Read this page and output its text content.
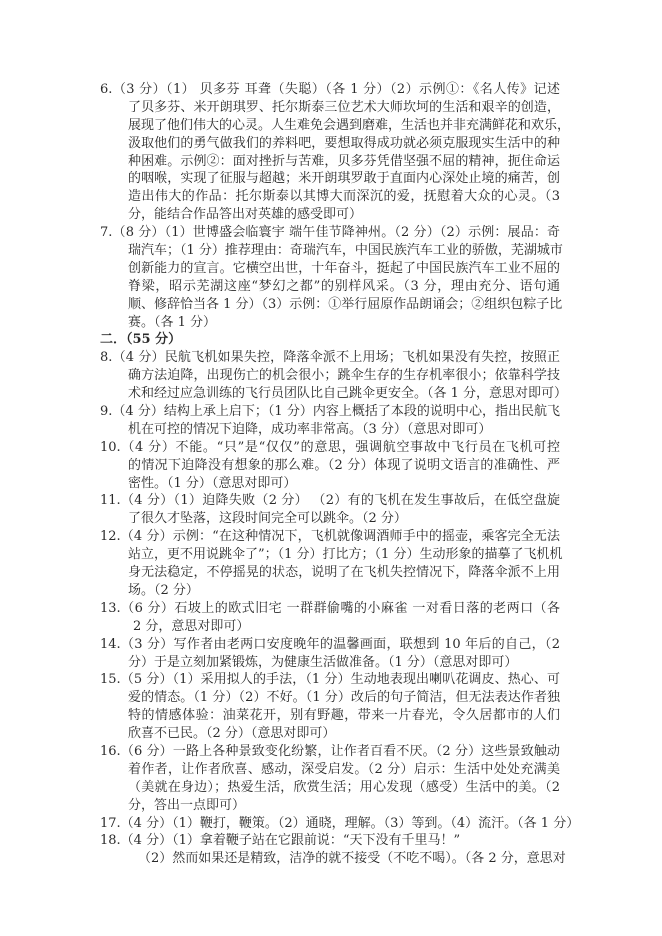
6.（3 分）（1） 贝多芬 耳聋（失聪）（各 1 分）（2）示例①：《名人传》记述
了贝多芬、米开朗琪罗、托尔斯泰三位艺术大师坎坷的生活和艰辛的创造，
展现了他们伟大的心灵。人生难免会遇到磨难，生活也并非充满鲜花和欢乐，
汲取他们的勇气做我们的养料吧，要想取得成功就必须克服现实生活中的种
种困难。示例②：面对挫折与苦难，贝多芬凭借坚强不屈的精神，扼住命运
的咽喉，实现了征服与超越；米开朗琪罗敢于直面内心深处止境的痛苦，创
造出伟大的作品：托尔斯泰以其博大而深沉的爱，抚慰着大众的心灵。（3
分，能结合作品答出对英雄的感受即可）
7.（8 分）（1）世博盛会临寰宇 端午佳节降神州。（2 分）（2）示例：展品：奇
瑞汽车；（1 分）推荐理由：奇瑞汽车，中国民族汽车工业的骄傲，芜湖城市
创新能力的宣言。它横空出世，十年奋斗，挺起了中国民族汽车工业不屈的
脊梁，昭示芜湖这座“梦幻之都”的别样风采。（3 分，理由充分、语句通
顺、修辞恰当各 1 分）（3）示例：①举行屈原作品朗诵会；②组织包粽子比
赛。（各 1 分）
二．（55 分）
8.（4 分）民航飞机如果失控，降落伞派不上用场；飞机如果没有失控，按照正
确方法迫降，出现伤亡的机会很小；跳伞生存的生存机率很小；依靠科学技
术和经过应急训练的飞行员团队比自己跳伞更安全。（各 1 分，意思对即可）
9.（4 分）结构上承上启下；（1 分）内容上概括了本段的说明中心，指出民航飞
机在可控的情况下迫降，成功率非常高。（3 分）（意思对即可）
10.（4 分）不能。“只”是“仅仅”的意思，强调航空事故中飞行员在飞机可控
的情况下迫降没有想象的那么难。（2 分）体现了说明文语言的准确性、严
密性。（1 分）（意思对即可）
11.（4 分）（1）迫降失败（2 分） （2）有的飞机在发生事故后，在低空盘旋
了很久才坠落，这段时间完全可以跳伞。（2 分）
12.（4 分）示例：“在这种情况下，飞机就像调酒师手中的摇壶，乘客完全无法
站立，更不用说跳伞了”；（1 分）打比方；（1 分）生动形象的描摹了飞机机
身无法稳定，不停摇晃的状态，说明了在飞机失控情况下，降落伞派不上用
场。（2 分）
13.（6 分）石坡上的欧式旧宅 一群群偷嘴的小麻雀 一对看日落的老两口（各
2 分，意思对即可）
14.（3 分）写作者由老两口安度晚年的温馨画面，联想到 10 年后的自己，（2
分）于是立刻加紧锻炼，为健康生活做准备。（1 分）（意思对即可）
15.（5 分）（1）采用拟人的手法，（1 分）生动地表现出喇叭花调皮、热心、可
爱的情态。（1 分）（2）不好。（1 分）改后的句子简洁，但无法表达作者独
特的情感体验：油菜花开，别有野趣，带来一片春光，令久居都市的人们
欣喜不已民。（2 分）（意思对即可）
16.（6 分）一路上各种景致变化纷繁，让作者百看不厌。（2 分）这些景致触动
着作者，让作者欣喜、感动，深受启发。（2 分）启示：生活中处处充满美
（美就在身边）；热爱生活，欣赏生活；用心发现（感受）生活中的美。（2
分，答出一点即可）
17.（4 分）（1）鞭打，鞭策。（2）通晓，理解。（3）等到。（4）流汗。（各 1 分）
18.（4 分）（1）拿着鞭子站在它跟前说：“天下没有千里马！”
（2）然而如果还是精致，洁净的就不接受（不吃不喝）。（各 2 分，意思对
